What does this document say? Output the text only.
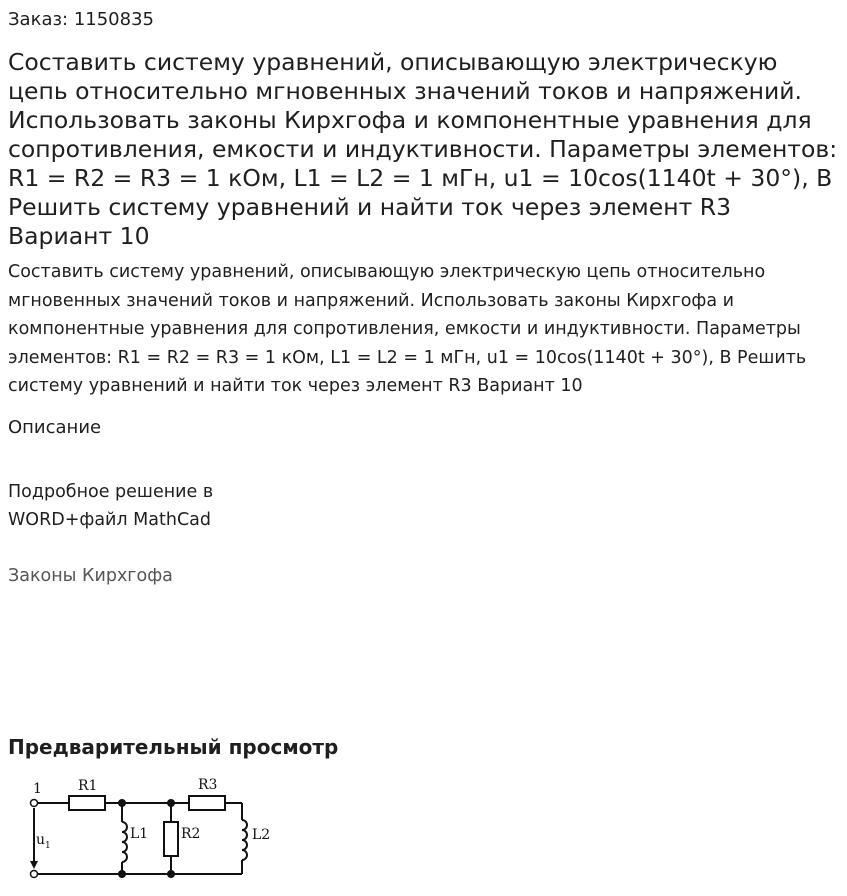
Заказ: 1150835
Составить систему уравнений, описывающую электрическую цепь относительно мгновенных значений токов и напряжений. Использовать законы Кирхгофа и компонентные уравнения для сопротивления, емкости и индуктивности. Параметры элементов: R1 = R2 = R3 = 1 кОм, L1 = L2 = 1 мГн, u1 = 10cos(1140t + 30°), В Решить систему уравнений и найти ток через элемент R3 Вариант 10
Составить систему уравнений, описывающую электрическую цепь относительно мгновенных значений токов и напряжений. Использовать законы Кирхгофа и компонентные уравнения для сопротивления, емкости и индуктивности. Параметры элементов: R1 = R2 = R3 = 1 кОм, L1 = L2 = 1 мГн, u1 = 10cos(1140t + 30°), В Решить систему уравнений и найти ток через элемент R3 Вариант 10
Описание
Подробное решение в WORD+файл MathCad
Законы Кирхгофа
Предварительный просмотр
1	R1	R3
L1 R2	L2
u 1
